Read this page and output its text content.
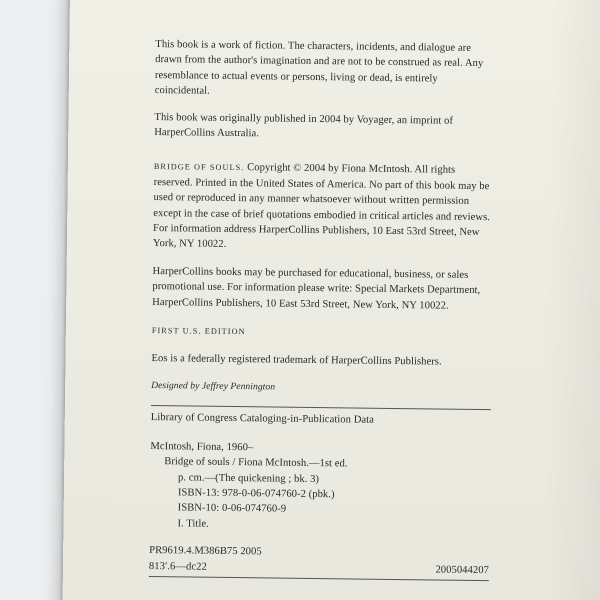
This book is a work of fiction. The characters, incidents, and dialogue are drawn from the author's imagination and are not to be construed as real. Any resemblance to actual events or persons, living or dead, is entirely coincidental.

This book was originally published in 2004 by Voyager, an imprint of HarperCollins Australia.

BRIDGE OF SOULS. Copyright © 2004 by Fiona McIntosh. All rights reserved. Printed in the United States of America. No part of this book may be used or reproduced in any manner whatsoever without written permission except in the case of brief quotations embodied in critical articles and reviews. For information address HarperCollins Publishers, 10 East 53rd Street, New York, NY 10022.

HarperCollins books may be purchased for educational, business, or sales promotional use. For information please write: Special Markets Department, HarperCollins Publishers, 10 East 53rd Street, New York, NY 10022.

FIRST U.S. EDITION

Eos is a federally registered trademark of HarperCollins Publishers.

Designed by Jeffrey Pennington

Library of Congress Cataloging-in-Publication Data
McIntosh, Fiona, 1960–
Bridge of souls / Fiona McIntosh.—1st ed.
p. cm.—(The quickening ; bk. 3)
ISBN-13: 978-0-06-074760-2 (pbk.)
ISBN-10: 0-06-074760-9
I. Title.
PR9619.4.M386B75 2005
813′.6—dc22	2005044207
